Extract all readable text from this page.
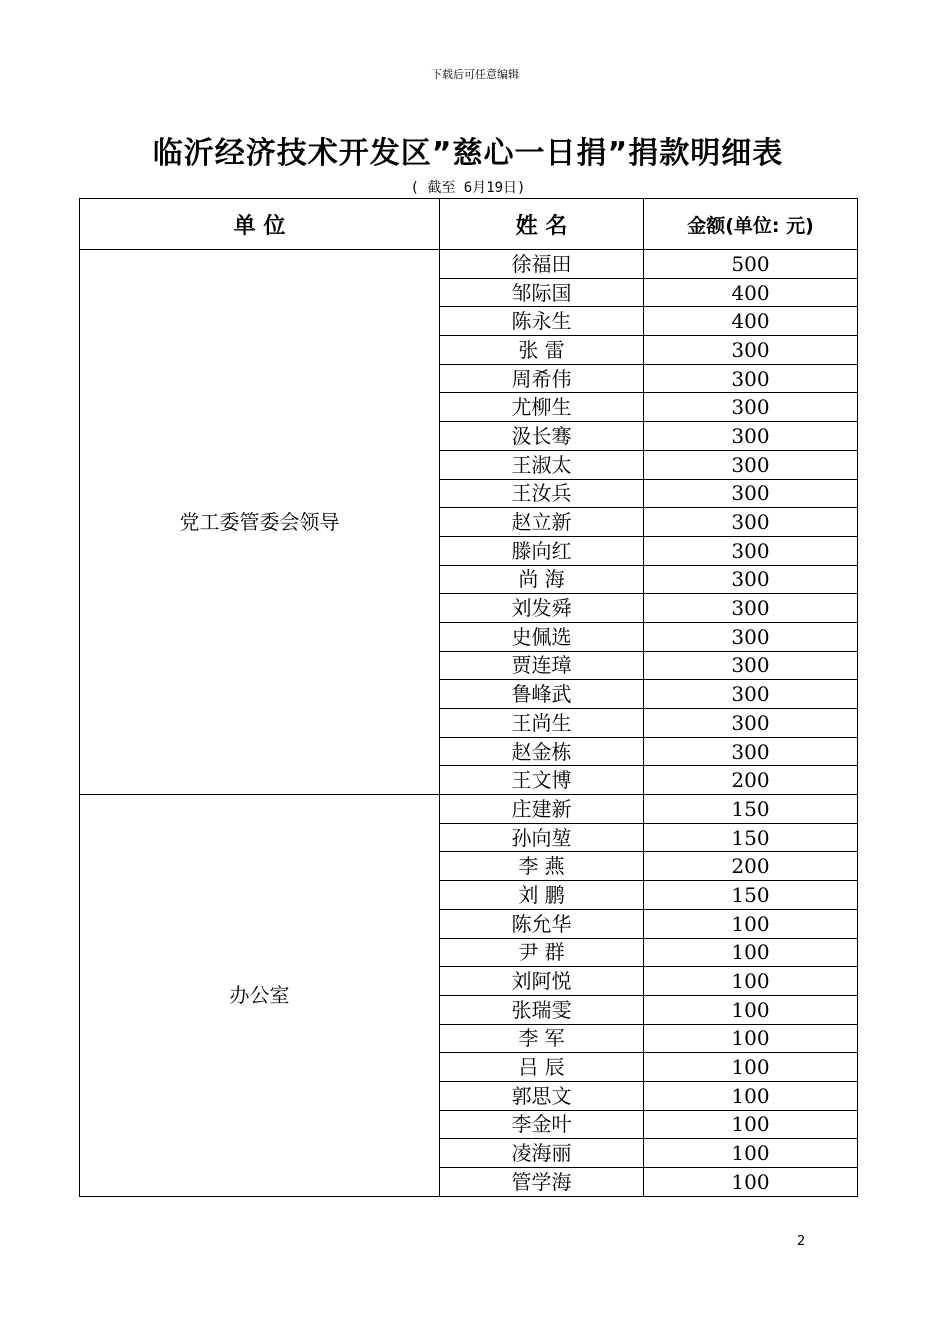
下载后可任意编辑
临沂经济技术开发区”慈心一日捐”捐款明细表
( 截至 6月19日)
单 位	姓 名	金额(单位: 元)
党工委管委会领导	徐福田	500
	邹际国	400
	陈永生	400
	张 雷	300
	周希伟	300
	尤柳生	300
	汲长骞	300
	王淑太	300
	王汝兵	300
	赵立新	300
	滕向红	300
	尚 海	300
	刘发舜	300
	史佩选	300
	贾连璋	300
	鲁峰武	300
	王尚生	300
	赵金栋	300
	王文博	200
办公室	庄建新	150
	孙向堃	150
	李 燕	200
	刘 鹏	150
	陈允华	100
	尹 群	100
	刘阿悦	100
	张瑞雯	100
	李 军	100
	吕 辰	100
	郭思文	100
	李金叶	100
	凌海丽	100
	管学海	100
2
